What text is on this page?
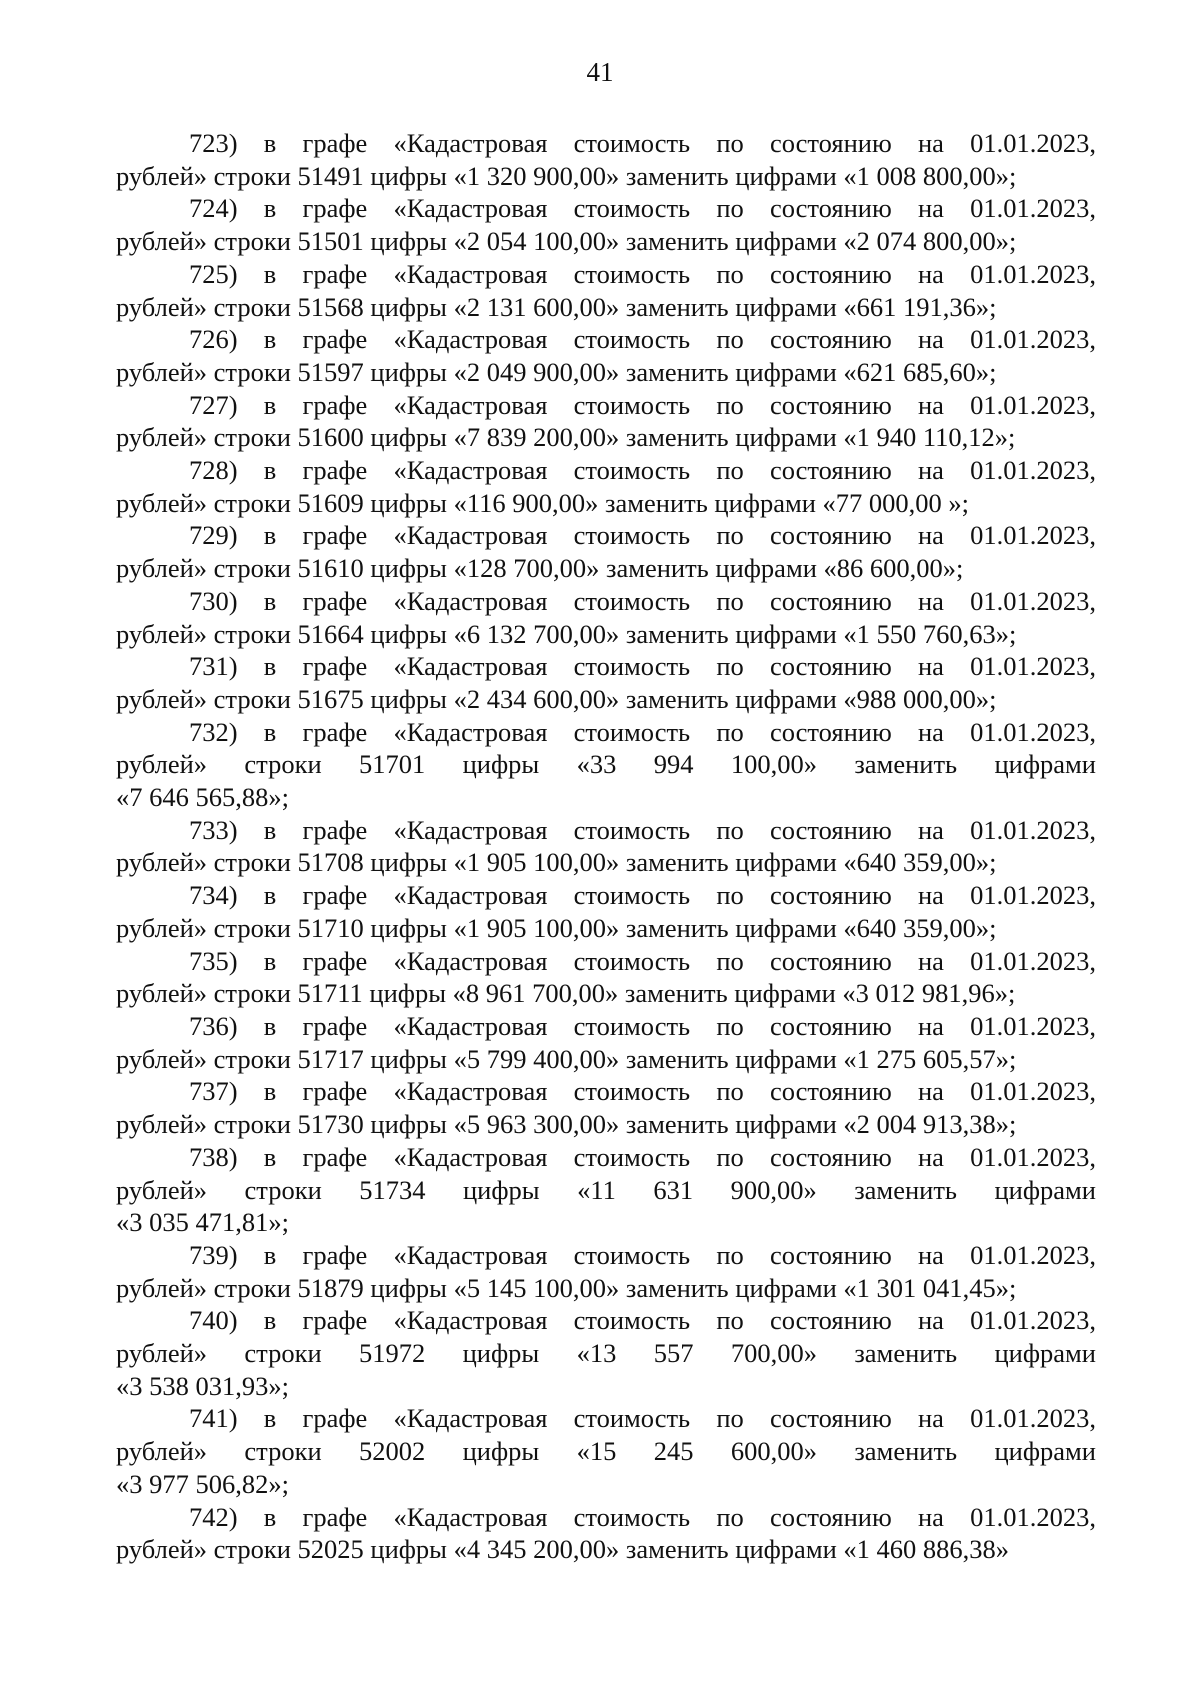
41

723) в графе «Кадастровая стоимость по состоянию на 01.01.2023,
рублей» строки 51491 цифры «1 320 900,00» заменить цифрами «1 008 800,00»;

724) в графе «Кадастровая стоимость по состоянию на 01.01.2023,
рублей» строки 51501 цифры «2 054 100,00» заменить цифрами «2 074 800,00»;

725) в графе «Кадастровая стоимость по состоянию на 01.01.2023,
рублей» строки 51568 цифры «2 131 600,00» заменить цифрами «661 191,36»;

726) в графе «Кадастровая стоимость по состоянию на 01.01.2023,
рублей» строки 51597 цифры «2 049 900,00» заменить цифрами «621 685,60»;

727) в графе «Кадастровая стоимость по состоянию на 01.01.2023,
рублей» строки 51600 цифры «7 839 200,00» заменить цифрами «1 940 110,12»;

728) в графе «Кадастровая стоимость по состоянию на 01.01.2023,
рублей» строки 51609 цифры «116 900,00» заменить цифрами «77 000,00 »;

729) в графе «Кадастровая стоимость по состоянию на 01.01.2023,
рублей» строки 51610 цифры «128 700,00» заменить цифрами «86 600,00»;

730) в графе «Кадастровая стоимость по состоянию на 01.01.2023,
рублей» строки 51664 цифры «6 132 700,00» заменить цифрами «1 550 760,63»;

731) в графе «Кадастровая стоимость по состоянию на 01.01.2023,
рублей» строки 51675 цифры «2 434 600,00» заменить цифрами «988 000,00»;

732) в графе «Кадастровая стоимость по состоянию на 01.01.2023,
рублей» строки 51701 цифры «33 994 100,00» заменить цифрами
«7 646 565,88»;

733) в графе «Кадастровая стоимость по состоянию на 01.01.2023,
рублей» строки 51708 цифры «1 905 100,00» заменить цифрами «640 359,00»;

734) в графе «Кадастровая стоимость по состоянию на 01.01.2023,
рублей» строки 51710 цифры «1 905 100,00» заменить цифрами «640 359,00»;

735) в графе «Кадастровая стоимость по состоянию на 01.01.2023,
рублей» строки 51711 цифры «8 961 700,00» заменить цифрами «3 012 981,96»;

736) в графе «Кадастровая стоимость по состоянию на 01.01.2023,
рублей» строки 51717 цифры «5 799 400,00» заменить цифрами «1 275 605,57»;

737) в графе «Кадастровая стоимость по состоянию на 01.01.2023,
рублей» строки 51730 цифры «5 963 300,00» заменить цифрами «2 004 913,38»;

738) в графе «Кадастровая стоимость по состоянию на 01.01.2023,
рублей» строки 51734 цифры «11 631 900,00» заменить цифрами
«3 035 471,81»;

739) в графе «Кадастровая стоимость по состоянию на 01.01.2023,
рублей» строки 51879 цифры «5 145 100,00» заменить цифрами «1 301 041,45»;

740) в графе «Кадастровая стоимость по состоянию на 01.01.2023,
рублей» строки 51972 цифры «13 557 700,00» заменить цифрами
«3 538 031,93»;

741) в графе «Кадастровая стоимость по состоянию на 01.01.2023,
рублей» строки 52002 цифры «15 245 600,00» заменить цифрами
«3 977 506,82»;

742) в графе «Кадастровая стоимость по состоянию на 01.01.2023,
рублей» строки 52025 цифры «4 345 200,00» заменить цифрами «1 460 886,38»
